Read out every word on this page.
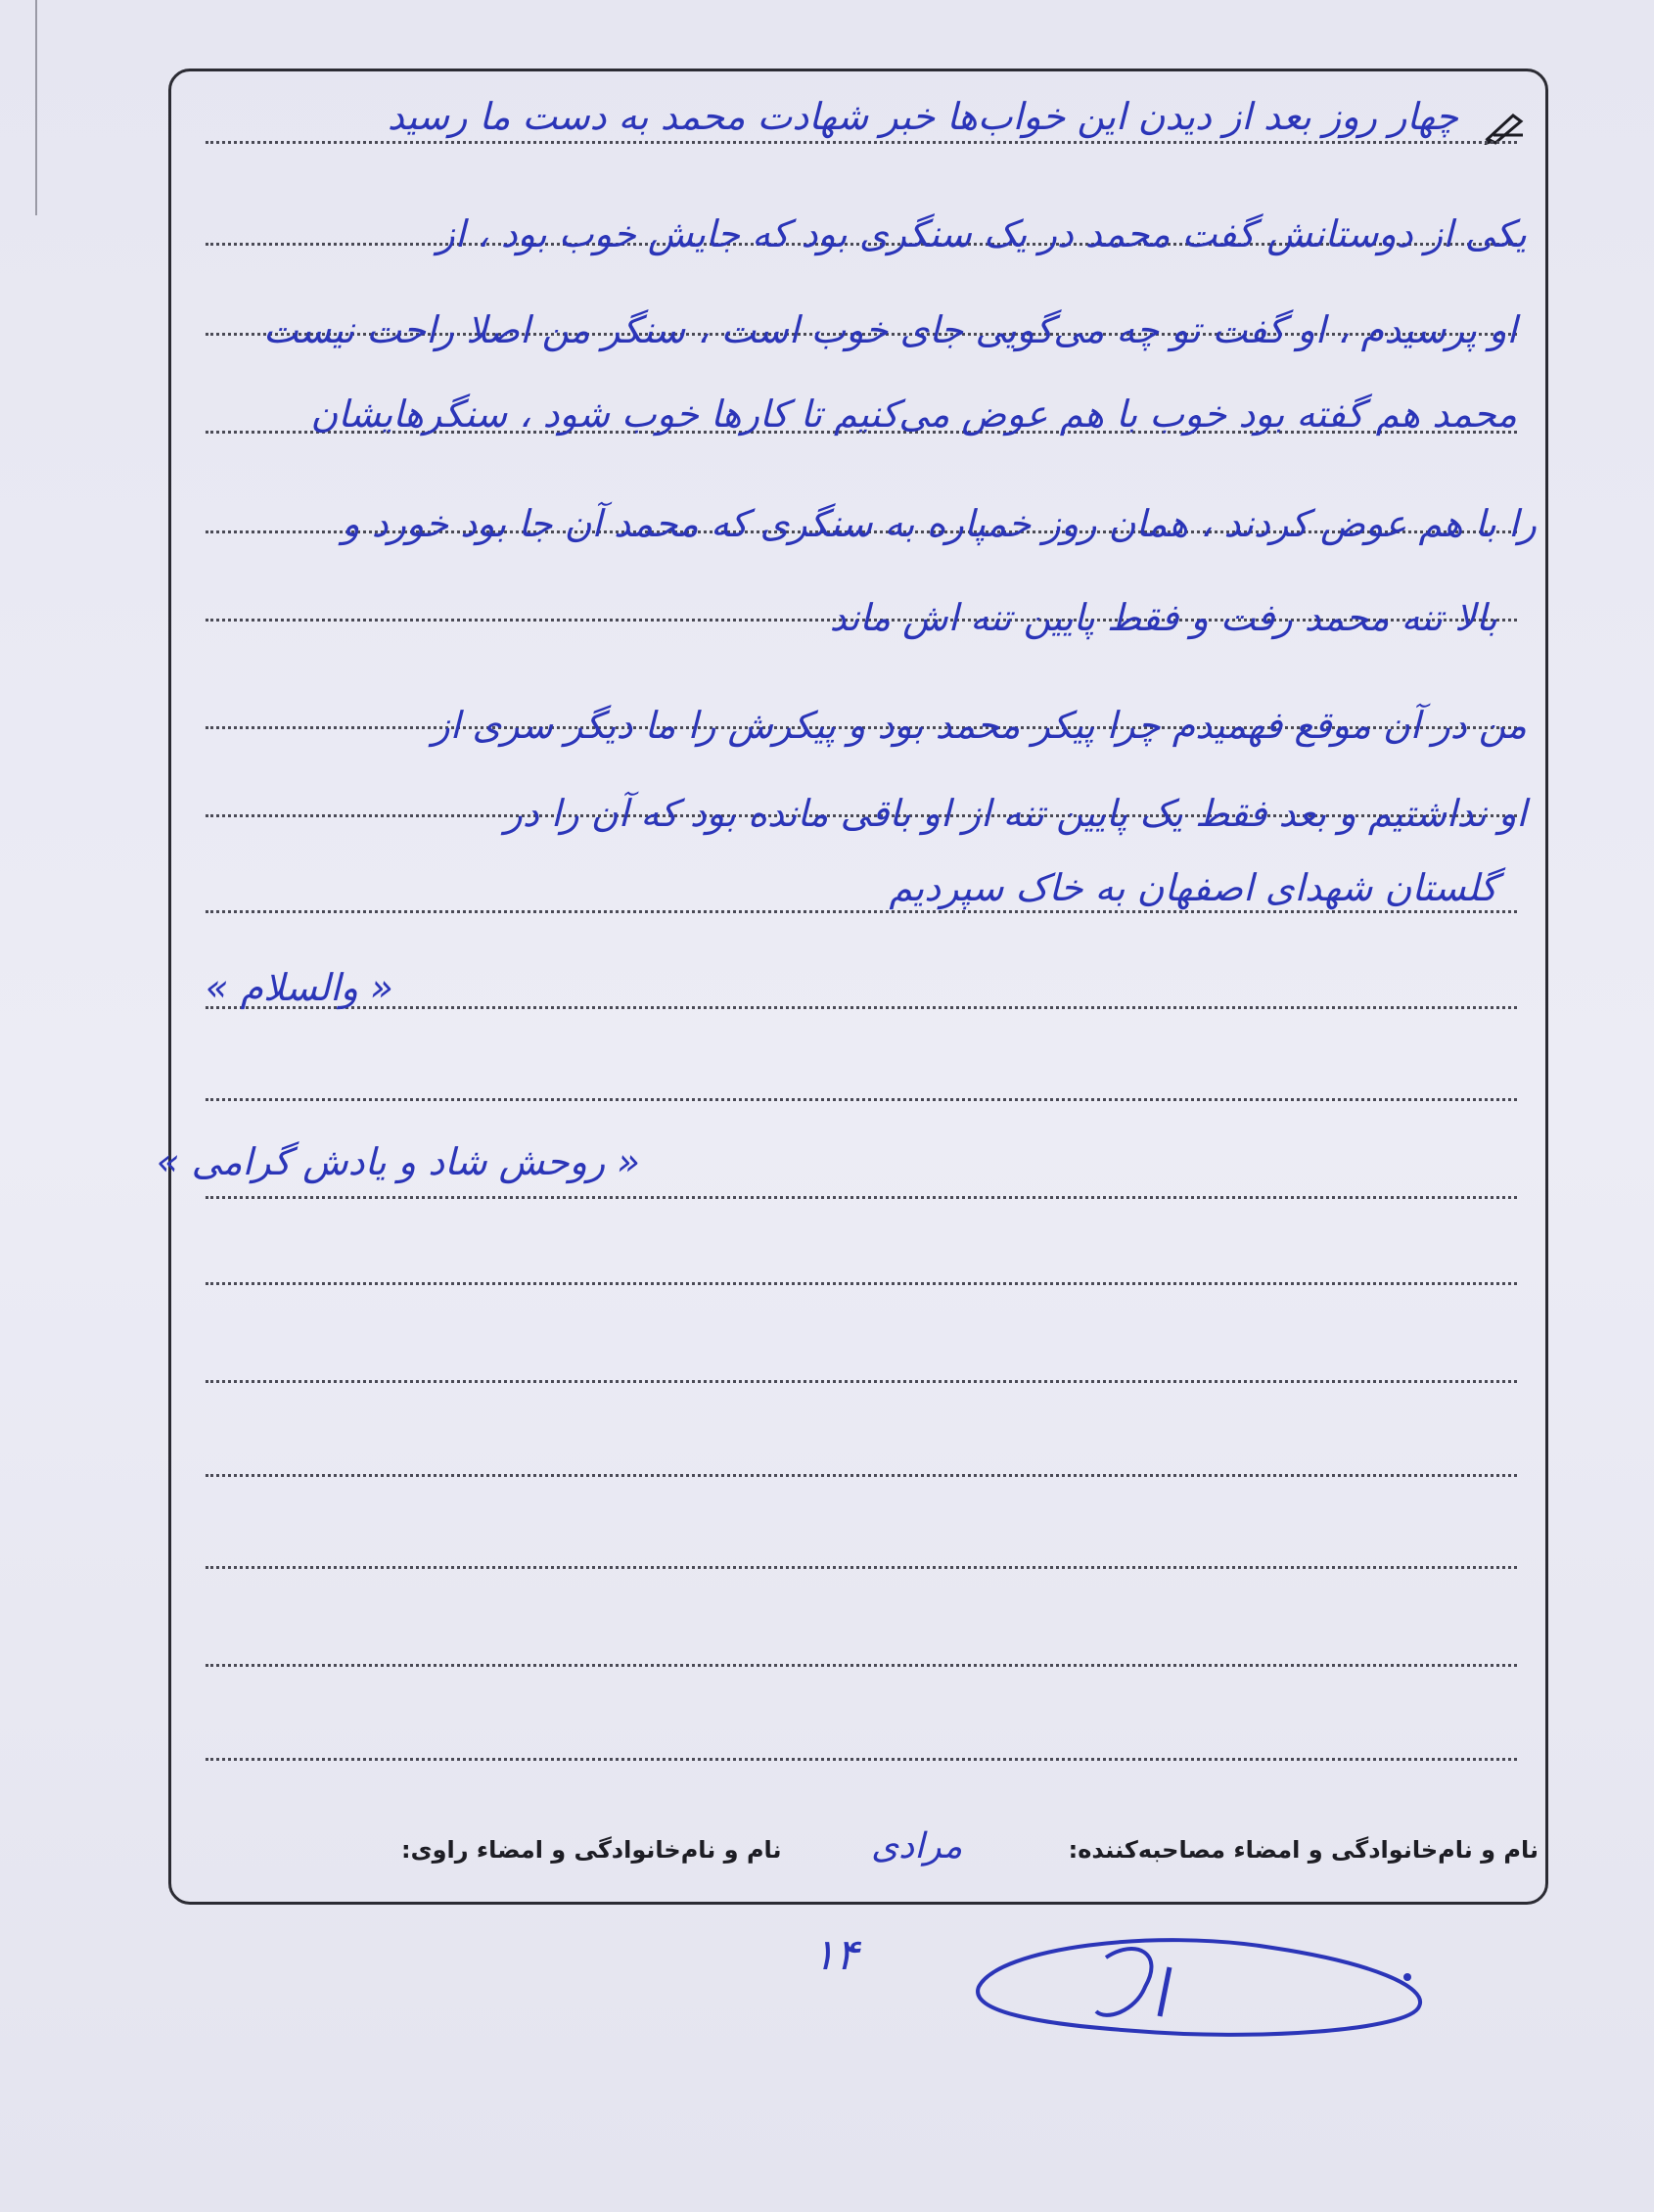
چهار روز بعد از دیدن این خواب‌ها خبر شهادت محمد به دست ما رسید
یکی از دوستانش گفت محمد در یک سنگری بود که جایش خوب بود ، از
او پرسیدم ، او گفت تو چه می‌گویی جای خوب است ، سنگر من اصلا راحت نیست
محمد هم گفته بود خوب با هم عوض می‌کنیم تا کارها خوب شود ، سنگرهایشان
را با هم عوض کردند ، همان روز خمپاره به سنگری که محمد آن جا بود خورد و
بالا تنه محمد رفت و فقط پایین تنه اش ماند
من در آن موقع فهمیدم چرا پیکر محمد بود و پیکرش را ما دیگر سری از
او نداشتیم و بعد فقط یک پایین تنه از او باقی مانده بود که آن را در
گلستان شهدای اصفهان به خاک سپردیم
« والسلام »
« روحش شاد و یادش گرامی »
نام و نام‌خانوادگی و امضاء راوی:	مرادی	نام و نام‌خانوادگی و امضاء مصاحبه‌کننده:
۱۴
